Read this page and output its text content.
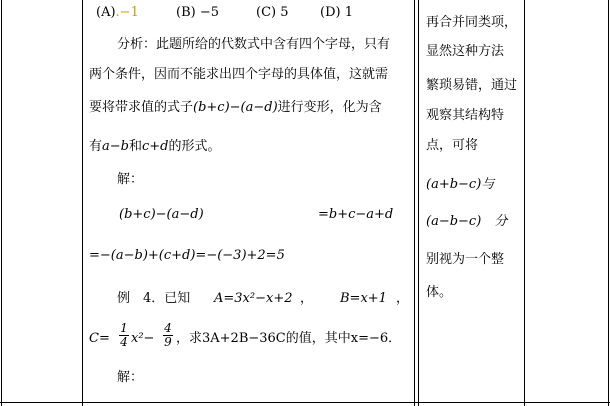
(A).−1	(B) −5	(C) 5 (D) 1
分析：此题所给的代数式中含有四个字母，只有
两个条件，因而不能求出四个字母的具体值，这就需
要将带求值的式子(b+c)−(a−d)进行变形，化为含
有a−b和c+d的形式。
解：
(b+c)−(a−d)	=b+c−a+d
=−(a−b)+(c+d)=−(−3)+2=5
例　4．已知 A=3x²−x+2 ， B=x+1 ，
C=
1
4 x²−
4
9 ，求3A+2B−36C的值，其中x=−6．
解：
再合并同类项，
显然这种方法
繁琐易错，通过
观察其结构特
点，可将
(a+b−c)与
(a−b−c)　分
别视为一个整
体。
